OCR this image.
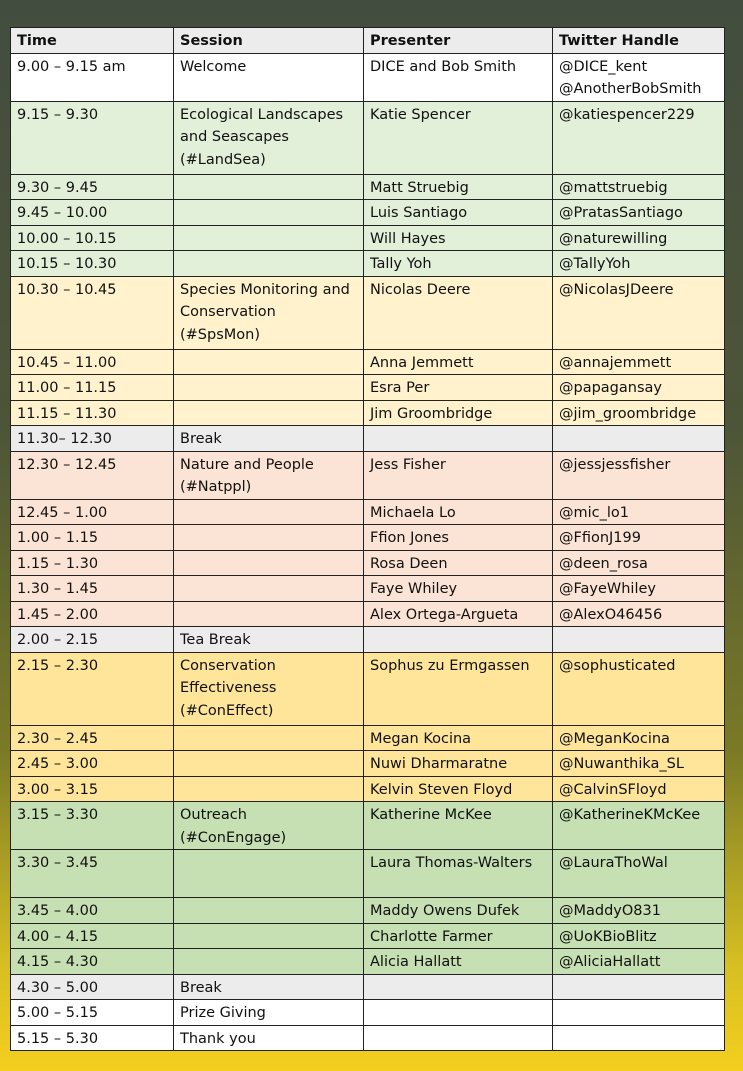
Time	Session	Presenter	Twitter Handle
9.00 – 9.15 am	Welcome	DICE and Bob Smith	@DICE_kent
@AnotherBobSmith

9.15 – 9.30	Ecological Landscapes and Seascapes (#LandSea)	Katie Spencer	@katiespencer229
9.30 – 9.45		Matt Struebig	@mattstruebig
9.45 – 10.00		Luis Santiago	@PratasSantiago
10.00 – 10.15		Will Hayes	@naturewilling
10.15 – 10.30		Tally Yoh	@TallyYoh
10.30 – 10.45	Species Monitoring and Conservation (#SpsMon)	Nicolas Deere	@NicolasJDeere
10.45 – 11.00		Anna Jemmett	@annajemmett
11.00 – 11.15		Esra Per	@papagansay
11.15 – 11.30		Jim Groombridge	@jim_groombridge
11.30– 12.30	Break		
12.30 – 12.45	Nature and People (#Natppl)	Jess Fisher	@jessjessfisher
12.45 – 1.00		Michaela Lo	@mic_lo1
1.00 – 1.15		Ffion Jones	@FfionJ199
1.15 – 1.30		Rosa Deen	@deen_rosa
1.30 – 1.45		Faye Whiley	@FayeWhiley
1.45 – 2.00		Alex Ortega-Argueta	@AlexO46456
2.00 – 2.15	Tea Break		
2.15 – 2.30	Conservation Effectiveness (#ConEffect)	Sophus zu Ermgassen	@sophusticated
2.30 – 2.45		Megan Kocina	@MeganKocina
2.45 – 3.00		Nuwi Dharmaratne	@Nuwanthika_SL
3.00 – 3.15		Kelvin Steven Floyd	@CalvinSFloyd
3.15 – 3.30	Outreach (#ConEngage)	Katherine McKee	@KatherineKMcKee
3.30 – 3.45		Laura Thomas-Walters	@LauraThoWal
3.45 – 4.00		Maddy Owens Dufek	@MaddyO831
4.00 – 4.15		Charlotte Farmer	@UoKBioBlitz
4.15 – 4.30		Alicia Hallatt	@AliciaHallatt
4.30 – 5.00	Break		
5.00 – 5.15	Prize Giving		
5.15 – 5.30	Thank you		
